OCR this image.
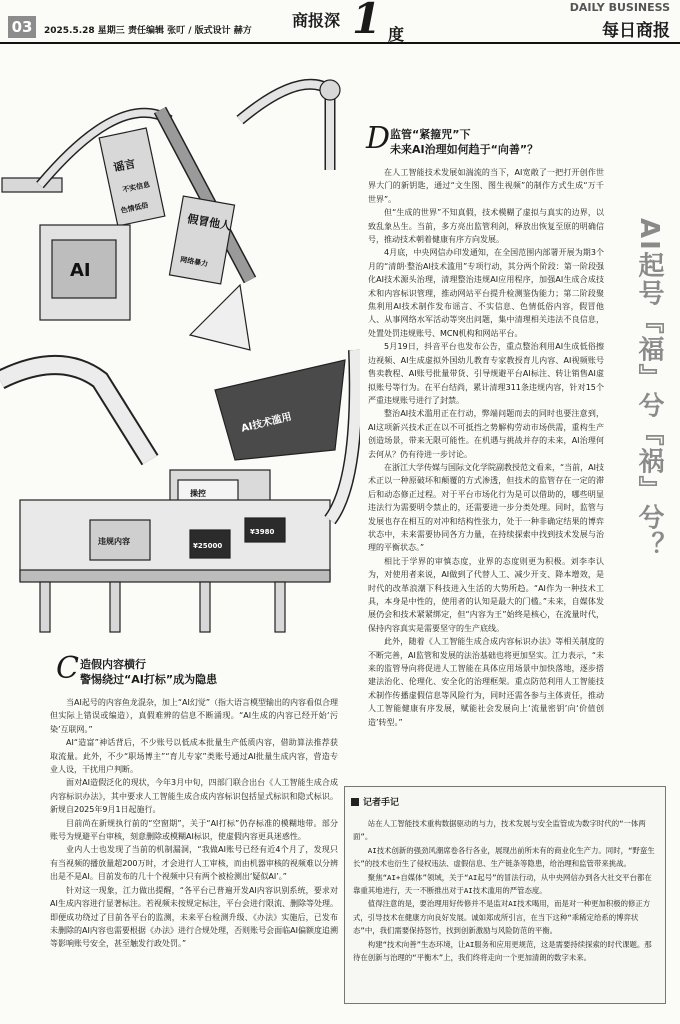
03	2025.5.28 星期三 责任编辑 张叮 / 版式设计 赫方
商报深 1 度
DAILY BUSINESS
每日商报
谣言
不实信息
色情低俗
假冒他人
网络暴力
AI
AI技术滥用
违规内容	¥25000
¥3980
操控	AI起号『福』兮『祸』兮？
D 监管“紧箍咒”下
未来AI治理如何趋于“向善”？

在人工智能技术发展如湍流的当下，AI宽敞了一把打开创作世界大门的新钥匙，通过“文生图、图生视频”的制作方式生成“万千世界”。

但“生成的世界”不知真假，技术模糊了虚拟与真实的边界，以致乱象丛生。当前，多方亮出监管利剑，释放出恢复至原的明确信号，推动技术朝着健康有序方向发展。

4月底，中央网信办印发通知，在全国范围内部署开展为期3个月的“清朗·整治AI技术滥用”专项行动，其分两个阶段：第一阶段强化AI技术源头治理，清理整治违规AI应用程序，加强AI生成合成技术和内容标识管理，推动网站平台提升检测鉴伪能力；第二阶段聚焦利用AI技术制作发布谣言、不实信息、色情低俗内容，假冒他人、从事网络水军活动等突出问题，集中清理相关违法不良信息，处置处罚违规账号、MCN机构和网站平台。

5月19日，抖音平台也发布公告，重点整治利用AI生成低俗擦边视频、AI生成虚拟外国幼儿教育专家教授育儿内容、AI视频账号售卖教程、AI账号批量带货、引导规避平台AI标注、转让销售AI虚拟账号等行为。在平台结尚，累计清理311条违规内容，针对15个严重违规账号进行了封禁。

整治AI技术滥用正在行动，弊端问题而去的同时也要注意到，AI这项新兴技术正在以不可抵挡之势解构劳动市场供需，重构生产创造场景，带来无限可能性。在机遇与挑战并存的未来，AI治理何去何从？仍有待进一步讨论。

在浙江大学传媒与国际文化学院副教授范文看来，“当前，AI技术正以一种原破坏和颠覆的方式渗透，但技术的监管存在一定的滞后和动态修正过程。对于平台市场化行为是可以借助的，哪些明显违法行为需要明令禁止的，还需要进一步分类处理。同时，监管与发展也存在相互的对冲和结构性张力，处于一种非确定结果的博弈状态中，未来需要协同各方力量，在持续探索中找到技术发展与治理的平衡状态。”

相比于学界的审慎态度，业界的态度则更为积极。刘李李认为，对使用者来说，AI做到了代替人工、减少开支、降本增效，是时代的改革浪潮下科技进入生活的大势所趋。“AI作为一种技术工具，本身是中性的，使用者的认知是最大的门槛。”未来，自媒体发展仍会和技术紧紧绑定，但“内容为王”始终是核心，在流量时代，保持内容真实是需要坚守的生产底线。

此外，随着《人工智能生成合成内容标识办法》等相关制度的不断完善，AI监管和发展的法治基础也将更加坚实。江力表示，“未来的监管导向将促进人工智能在具体应用场景中加快落地，逐步搭建法治化、伦理化、安全化的治理框架。重点防范利用人工智能技术制作传播虚假信息等风险行为，同时还需各参与主体责任，推动人工智能健康有序发展，赋能社会发展向上‘流量密钥’向‘价值创造’转型。”

C 造假内容横行
警惕绕过“AI打标”成为隐患

当AI起号的内容鱼龙混杂，加上“AI幻觉”（指大语言模型输出的内容看似合理但实际上错误或编造），真假难辨的信息不断涌现。“AI生成的内容已经开始‘污染’互联网。”

AI“造富”神话背后，不少账号以低成本批量生产低质内容，借助算法推荐获取流量。此外，不少“职场博主”“育儿专家”类账号通过AI批量生成内容，营造专业人设，干扰用户判断。

面对AI造假泛化的现状，今年3月中旬，四部门联合出台《人工智能生成合成内容标识办法》，其中要求人工智能生成合成内容标识包括显式标识和隐式标识。新规自2025年9月1日起施行。

目前尚在新规执行前的“空窗期”，关于“AI打标”仍存标准的模糊地带。部分账号为规避平台审核，刻意删除或模糊AI标识，使虚假内容更具迷惑性。

业内人士也发现了当前的机制漏洞，“我做AI账号已经有近4个月了，发现只有当视频的播放量超200万时，才会进行人工审核，而由机器审核的视频难以分辨出是不是AI。目前发布的几十个视频中只有两个被检测出‘疑似AI’。”

针对这一现象，江力做出提醒，“各平台已普遍开发AI内容识别系统，要求对AI生成内容进行显著标注。若视频未按规定标注，平台会进行限流、删除等处理。即便成功绕过了目前各平台的监测，未来平台检测升级、《办法》实施后，已发布未删除的AI内容也需要根据《办法》进行合规处理，否则账号会面临AI偏额度追溯等影响账号安全，甚至触发行政处罚。”

记者手记

站在人工智能技术重构数据驱动的与力，技术发展与安全监管成为数字时代的“一体两面”。

AI技术创新的强劲风潮席卷各行各业，展现出前所未有的商业化生产力。同时，“野蛮生长”的技术也衍生了侵权违法、虚假信息、生产链条等隐患，给治理和监管带来挑战。

聚焦“AI+自媒体”领域，关于“AI起号”的冒法行动，从中央网信办到各大社交平台都在靠重其地进行，天一不断推出对于AI技术滥用的严管态度。

值得注意的是，要治理用好传修并不是监对AI技术喝用，而是对一种更加积极的修正方式，引导技术在健康方向良好发展。诚如郑成所引言，在当下这种“乖稀定给系的博弈状态”中，我们需要保持怒竹，找到创新激励与风险防范的平衡。

构建“技术向善”生态环境，让AI服务和应用更规范，这是需要持续探索的时代课题。那待在创新与治理的“平衡木”上，我们终将走向一个更加清朗的数字未来。
